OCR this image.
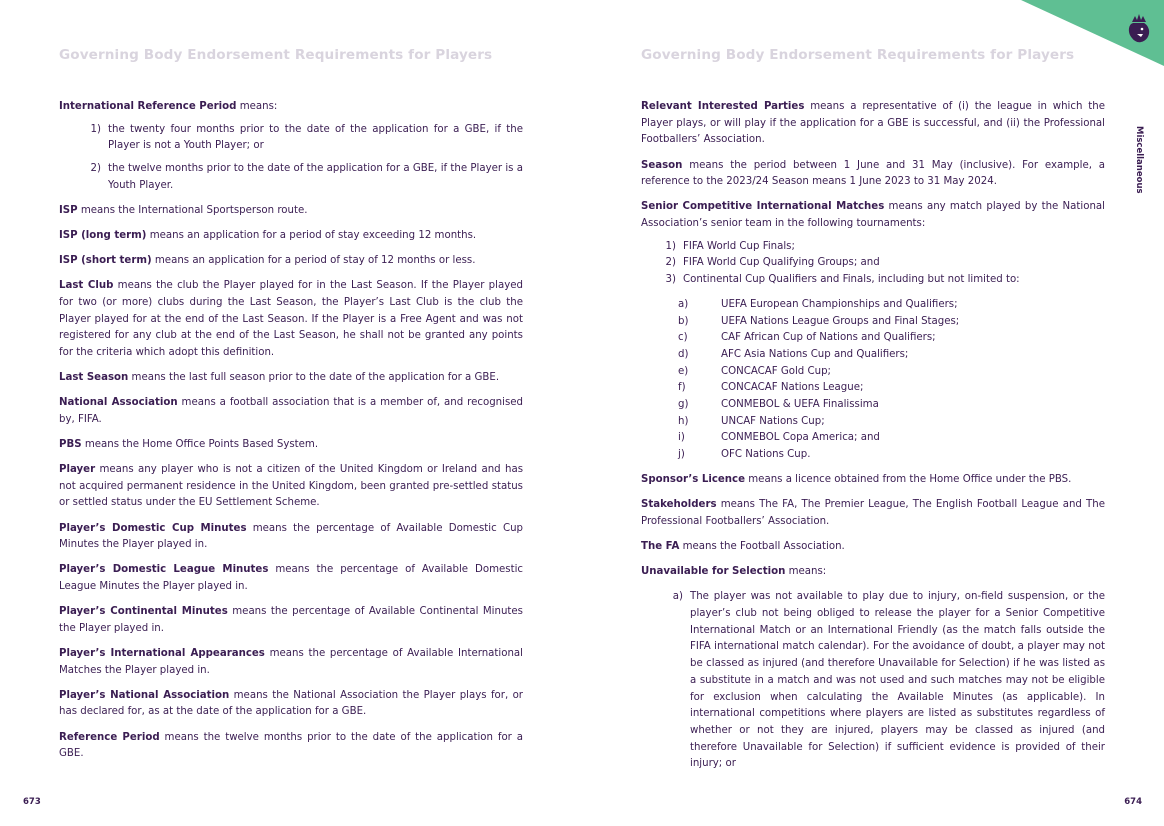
Governing Body Endorsement Requirements for Players
International Reference Period means:
1) the twenty four months prior to the date of the application for a GBE, if the Player is not a Youth Player; or
2) the twelve months prior to the date of the application for a GBE, if the Player is a Youth Player.
ISP means the International Sportsperson route.
ISP (long term) means an application for a period of stay exceeding 12 months.
ISP (short term) means an application for a period of stay of 12 months or less.
Last Club means the club the Player played for in the Last Season. If the Player played for two (or more) clubs during the Last Season, the Player’s Last Club is the club the Player played for at the end of the Last Season. If the Player is a Free Agent and was not registered for any club at the end of the Last Season, he shall not be granted any points for the criteria which adopt this definition.
Last Season means the last full season prior to the date of the application for a GBE.
National Association means a football association that is a member of, and recognised by, FIFA.
PBS means the Home Office Points Based System.
Player means any player who is not a citizen of the United Kingdom or Ireland and has not acquired permanent residence in the United Kingdom, been granted pre-settled status or settled status under the EU Settlement Scheme.
Player’s Domestic Cup Minutes means the percentage of Available Domestic Cup Minutes the Player played in.
Player’s Domestic League Minutes means the percentage of Available Domestic League Minutes the Player played in.
Player’s Continental Minutes means the percentage of Available Continental Minutes the Player played in.
Player’s International Appearances means the percentage of Available International Matches the Player played in.
Player’s National Association means the National Association the Player plays for, or has declared for, as at the date of the application for a GBE.
Reference Period means the twelve months prior to the date of the application for a GBE.
673
Governing Body Endorsement Requirements for Players
Miscellaneous
Relevant Interested Parties means a representative of (i) the league in which the Player plays, or will play if the application for a GBE is successful, and (ii) the Professional Footballers’ Association.
Season means the period between 1 June and 31 May (inclusive). For example, a reference to the 2023/24 Season means 1 June 2023 to 31 May 2024.
Senior Competitive International Matches means any match played by the National Association’s senior team in the following tournaments:
1) FIFA World Cup Finals;
2) FIFA World Cup Qualifying Groups; and
3) Continental Cup Qualifiers and Finals, including but not limited to:
a)	UEFA European Championships and Qualifiers;
b)	UEFA Nations League Groups and Final Stages;
c)	CAF African Cup of Nations and Qualifiers;
d)	AFC Asia Nations Cup and Qualifiers;
e)	CONCACAF Gold Cup;
f)	CONCACAF Nations League;
g)	CONMEBOL & UEFA Finalissima
h)	UNCAF Nations Cup;
i)	CONMEBOL Copa America; and
j)	OFC Nations Cup.
Sponsor’s Licence means a licence obtained from the Home Office under the PBS.
Stakeholders means The FA, The Premier League, The English Football League and The Professional Footballers’ Association.
The FA means the Football Association.
Unavailable for Selection means:
a) The player was not available to play due to injury, on-field suspension, or the player’s club not being obliged to release the player for a Senior Competitive International Match or an International Friendly (as the match falls outside the FIFA international match calendar). For the avoidance of doubt, a player may not be classed as injured (and therefore Unavailable for Selection) if he was listed as a substitute in a match and was not used and such matches may not be eligible for exclusion when calculating the Available Minutes (as applicable). In international competitions where players are listed as substitutes regardless of whether or not they are injured, players may be classed as injured (and therefore Unavailable for Selection) if sufficient evidence is provided of their injury; or
674
